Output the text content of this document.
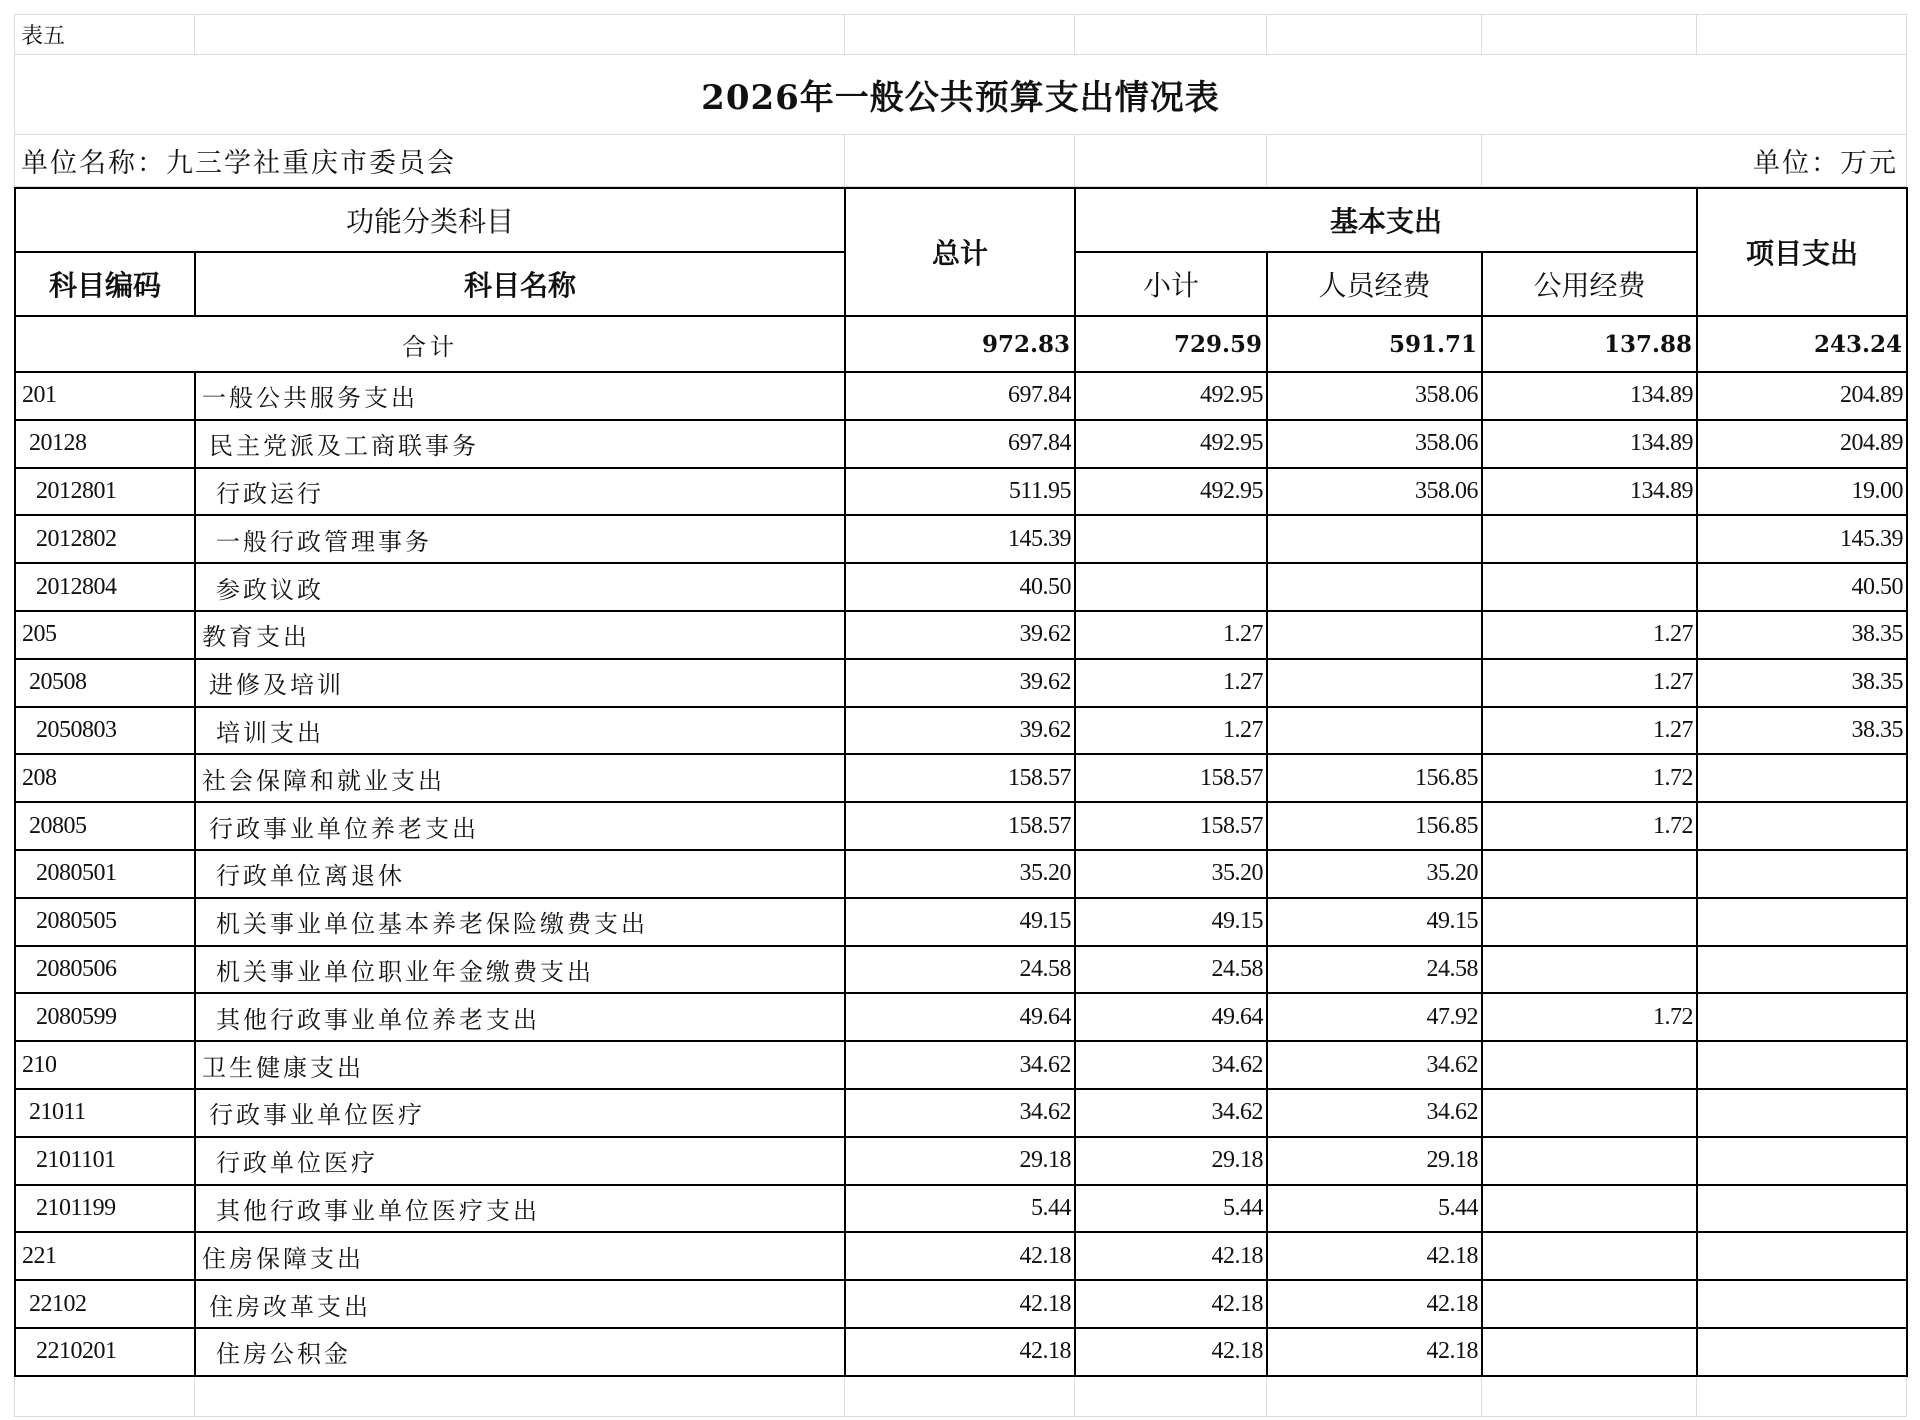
表五						
2026年一般公共预算支出情况表						
单位名称：九三学社重庆市委员会					单位：万元	
功能分类科目		总计	基本支出			项目支出
科目编码	科目名称		小计	人员经费	公用经费	
合计		972.83	729.59	591.71	137.88	243.24
201	一般公共服务支出	697.84	492.95	358.06	134.89	204.89
20128	民主党派及工商联事务	697.84	492.95	358.06	134.89	204.89
2012801	行政运行	511.95	492.95	358.06	134.89	19.00
2012802	一般行政管理事务	145.39				145.39
2012804	参政议政	40.50				40.50
205	教育支出	39.62	1.27		1.27	38.35
20508	进修及培训	39.62	1.27		1.27	38.35
2050803	培训支出	39.62	1.27		1.27	38.35
208	社会保障和就业支出	158.57	158.57	156.85	1.72	
20805	行政事业单位养老支出	158.57	158.57	156.85	1.72	
2080501	行政单位离退休	35.20	35.20	35.20		
2080505	机关事业单位基本养老保险缴费支出	49.15	49.15	49.15		
2080506	机关事业单位职业年金缴费支出	24.58	24.58	24.58		
2080599	其他行政事业单位养老支出	49.64	49.64	47.92	1.72	
210	卫生健康支出	34.62	34.62	34.62		
21011	行政事业单位医疗	34.62	34.62	34.62		
2101101	行政单位医疗	29.18	29.18	29.18		
2101199	其他行政事业单位医疗支出	5.44	5.44	5.44		
221	住房保障支出	42.18	42.18	42.18		
22102	住房改革支出	42.18	42.18	42.18		
2210201	住房公积金	42.18	42.18	42.18		
